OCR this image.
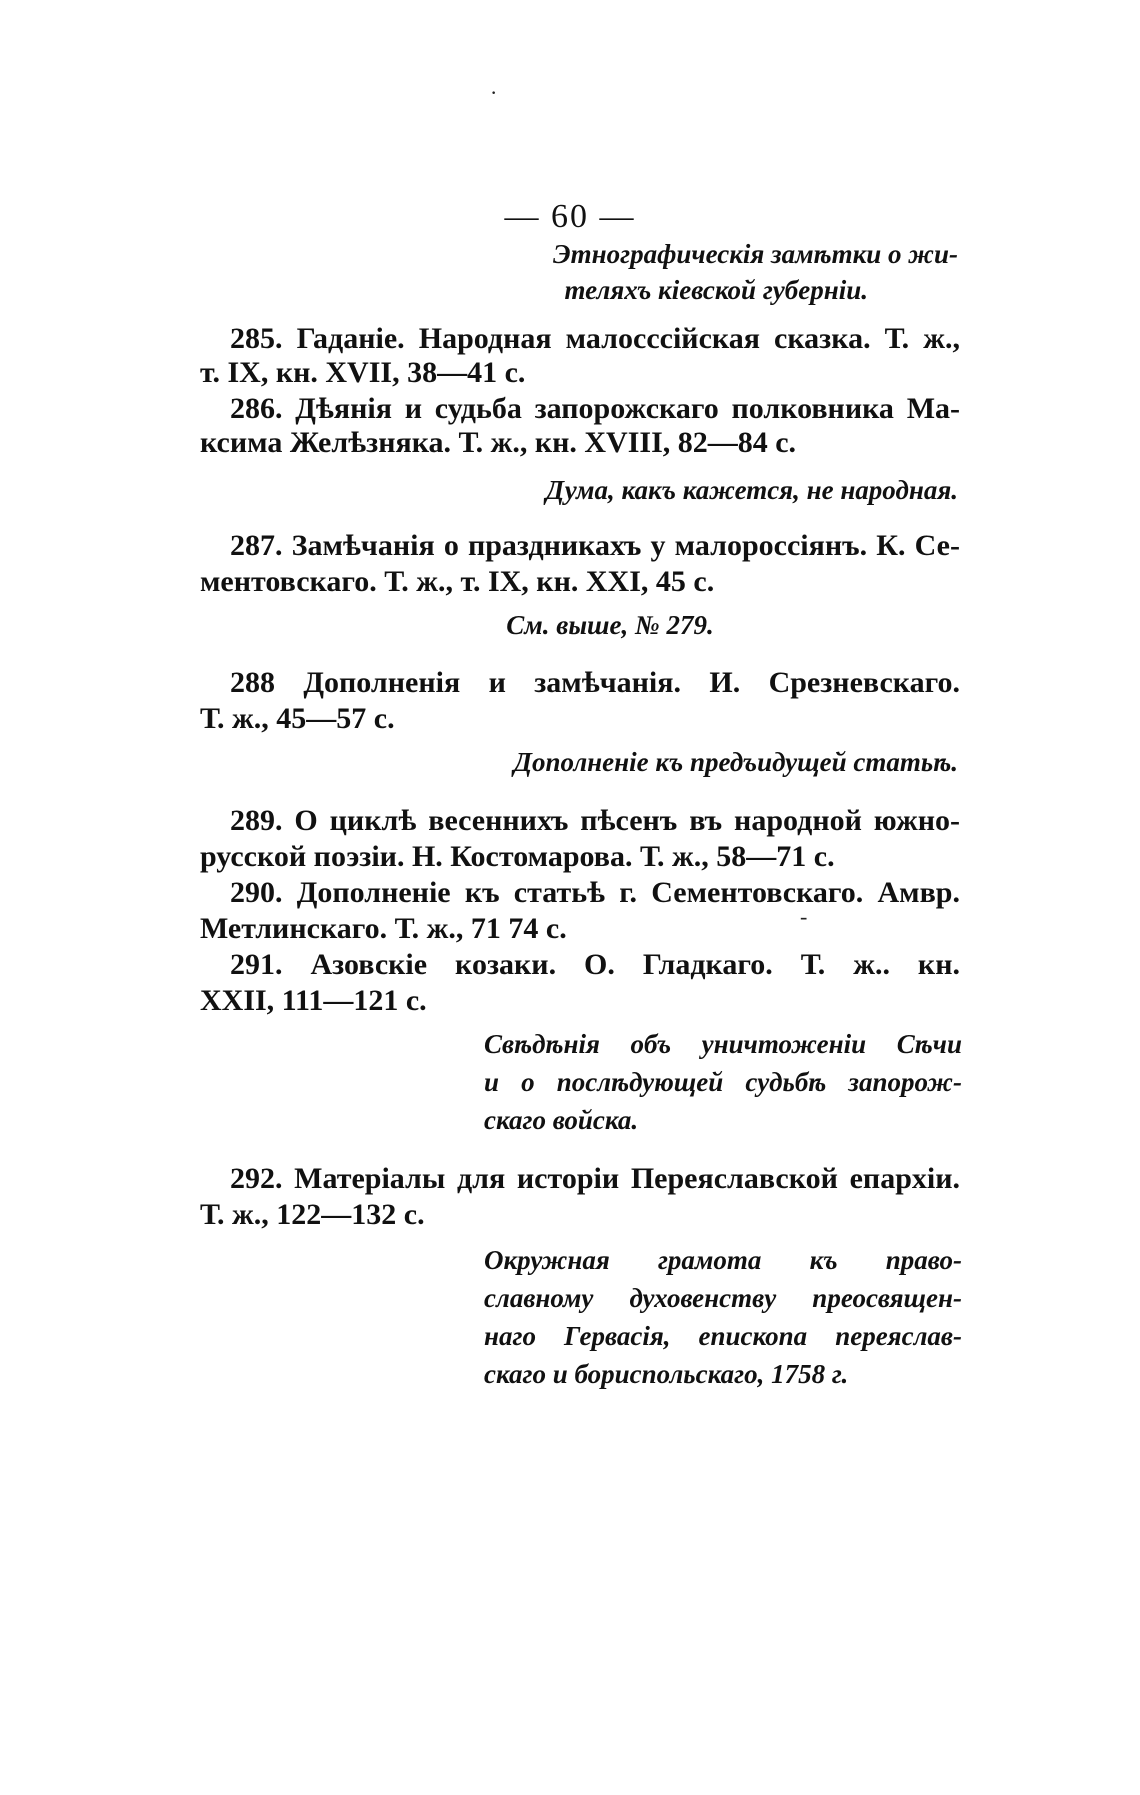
·
— 60 —
Этнографическія замѣтки о жи-
теляхъ кіевской губерніи.
285. Гаданіе. Народная малосссійская сказка. Т. ж.,
т. IX, кн. XVII, 38—41 с.
286. Дѣянія и судьба запорожскаго полковника Ма-
ксима Желѣзняка. Т. ж., кн. XVIII, 82—84 с.
Дума, какъ кажется, не народная.
287. Замѣчанія о праздникахъ у малороссіянъ. К. Се-
ментовскаго. Т. ж., т. IX, кн. XXI, 45 с.
См. выше, № 279.
288 Дополненія и замѣчанія. И. Срезневскаго.
Т. ж., 45—57 с.
Дополненіе къ предъидущей статьѣ.
289. О циклѣ весеннихъ пѣсенъ въ народной южно-
русской поэзіи. Н. Костомарова. Т. ж., 58—71 с.
290. Дополненіе къ статьѣ г. Сементовскаго. Амвр.
Метлинскаго. Т. ж., 71 74 с.	-
291. Азовскіе козаки. О. Гладкаго. Т. ж.. кн.
XXII, 111—121 с.
Свѣдѣнія объ уничтоженіи Сѣчи
и о послѣдующей судьбѣ запорож-
скаго войска.
292. Матеріалы для исторіи Переяславской епархіи.
Т. ж., 122—132 с.
Окружная грамота къ право-
славному духовенству преосвящен-
наго Гервасія, епископа переяслав-
скаго и бориспольскаго, 1758 г.
